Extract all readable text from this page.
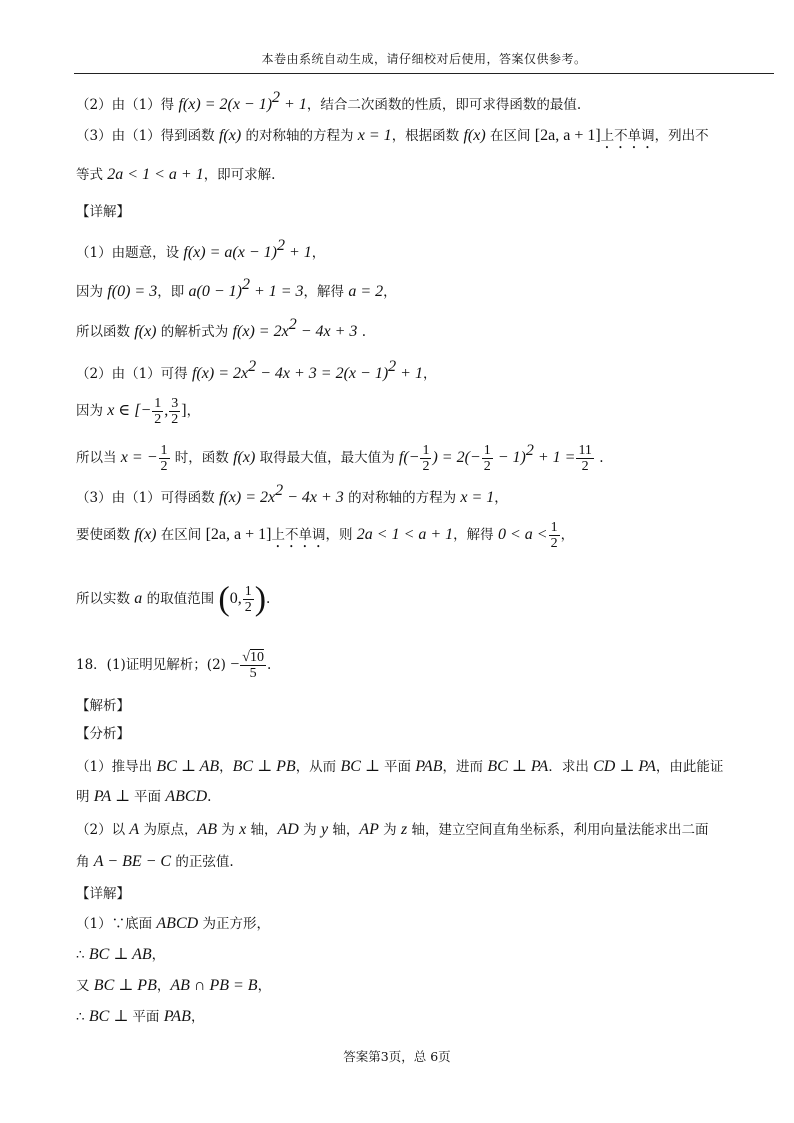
本卷由系统自动生成，请仔细校对后使用，答案仅供参考。
（2）由（1）得 $f(x) = 2(x - 1)^2 + 1$，结合二次函数的性质，即可求得函数的最值.
（3）由（1）得到函数 f(x) 的对称轴的方程为 x = 1，根据函数 f(x) 在区间 [2a, a + 1]上不单调，列出不
等式 2a < 1 < a + 1，即可求解.
【详解】
（1）由题意，设 $f(x) = a(x - 1)^2 + 1$，
因为 f(0) = 3，即 $a(0 - 1)^2 + 1 = 3$，解得 a = 2，
所以函数 f(x) 的解析式为 $f(x) = 2x^2 - 4x + 3$ .
（2）由（1）可得 $f(x) = 2x^2 - 4x + 3 = 2(x - 1)^2 + 1$，
因为 x ∈ [− $\frac{1}{2}$ , $\frac{3}{2}$ ]，
所以当 x = − $\frac{1}{2}$ 时，函数 f(x) 取得最大值，最大值为 $f(- \frac{1}{2}$ ) = $2(- \frac{1}{2} - 1)^2 + 1 = \frac{11}{2}$ .
（3）由（1）可得函数 $f(x) = 2x^2 - 4x + 3$ 的对称轴的方程为 x = 1，
要使函数 f(x) 在区间 [2a, a + 1]上不单调，则 2a < 1 < a + 1，解得 $0 < a < \frac{1}{2}$ ，
所以实数 a 的取值范围 (0, $\frac{1}{2}$ ).
18．(1)证明见解析；$(2) - \frac{√10}{5}$ .
【解析】
【分析】
（1）推导出 BC ⊥ AB，BC ⊥ PB，从而 BC ⊥ 平面 PAB，进而 BC ⊥ PA．求出 CD ⊥ PA，由此能证
明 PA ⊥ 平面 ABCD.
（2）以 A 为原点，AB 为 x 轴，AD 为 y 轴，AP 为 z 轴，建立空间直角坐标系，利用向量法能求出二面
角 A − BE − C 的正弦值.
【详解】
（1）∵底面 ABCD 为正方形，
∴ BC ⊥ AB，
又 BC ⊥ PB，AB ∩ PB = B，
∴ BC ⊥ 平面 PAB，
答案第3页，总 6页
